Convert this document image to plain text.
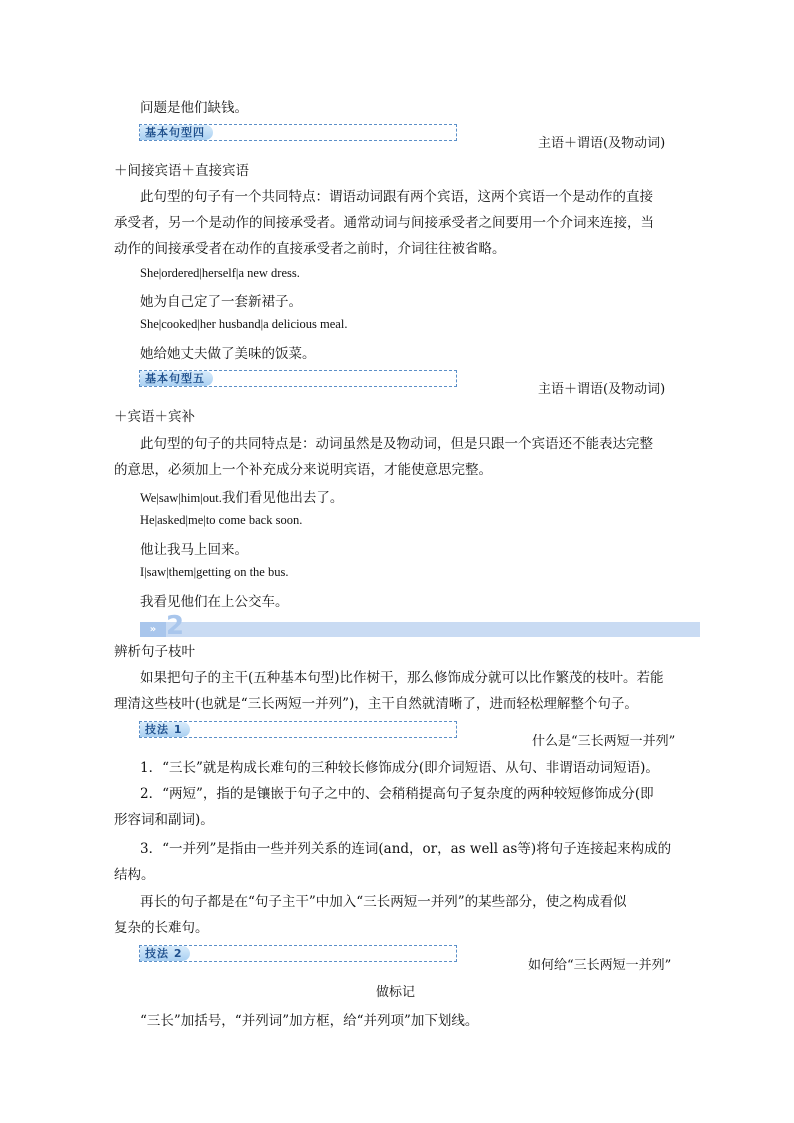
问题是他们缺钱。
基本句型四
主语＋谓语(及物动词)
＋间接宾语＋直接宾语
此句型的句子有一个共同特点：谓语动词跟有两个宾语，这两个宾语一个是动作的直接
承受者，另一个是动作的间接承受者。通常动词与间接承受者之间要用一个介词来连接，当
动作的间接承受者在动作的直接承受者之前时，介词往往被省略。
She|ordered|herself|a new dress.
她为自己定了一套新裙子。
She|cooked|her husband|a delicious meal.
她给她丈夫做了美味的饭菜。
基本句型五
主语＋谓语(及物动词)
＋宾语＋宾补
此句型的句子的共同特点是：动词虽然是及物动词，但是只跟一个宾语还不能表达完整
的意思，必须加上一个补充成分来说明宾语，才能使意思完整。
We|saw|him|out.我们看见他出去了。
He|asked|me|to come back soon.
他让我马上回来。
I|saw|them|getting on the bus.
我看见他们在上公交车。
» 2
辨析句子枝叶
如果把句子的主干(五种基本句型)比作树干，那么修饰成分就可以比作繁茂的枝叶。若能
理清这些枝叶(也就是“三长两短一并列”)，主干自然就清晰了，进而轻松理解整个句子。
技法 1
什么是“三长两短一并列”
1．“三长”就是构成长难句的三种较长修饰成分(即介词短语、从句、非谓语动词短语)。
2．“两短”，指的是镶嵌于句子之中的、会稍稍提高句子复杂度的两种较短修饰成分(即
形容词和副词)。
3．“一并列”是指由一些并列关系的连词(and，or，as well as等)将句子连接起来构成的
结构。
再长的句子都是在“句子主干”中加入“三长两短一并列”的某些部分，使之构成看似
复杂的长难句。
技法 2
如何给“三长两短一并列”
做标记
“三长”加括号，“并列词”加方框，给“并列项”加下划线。
